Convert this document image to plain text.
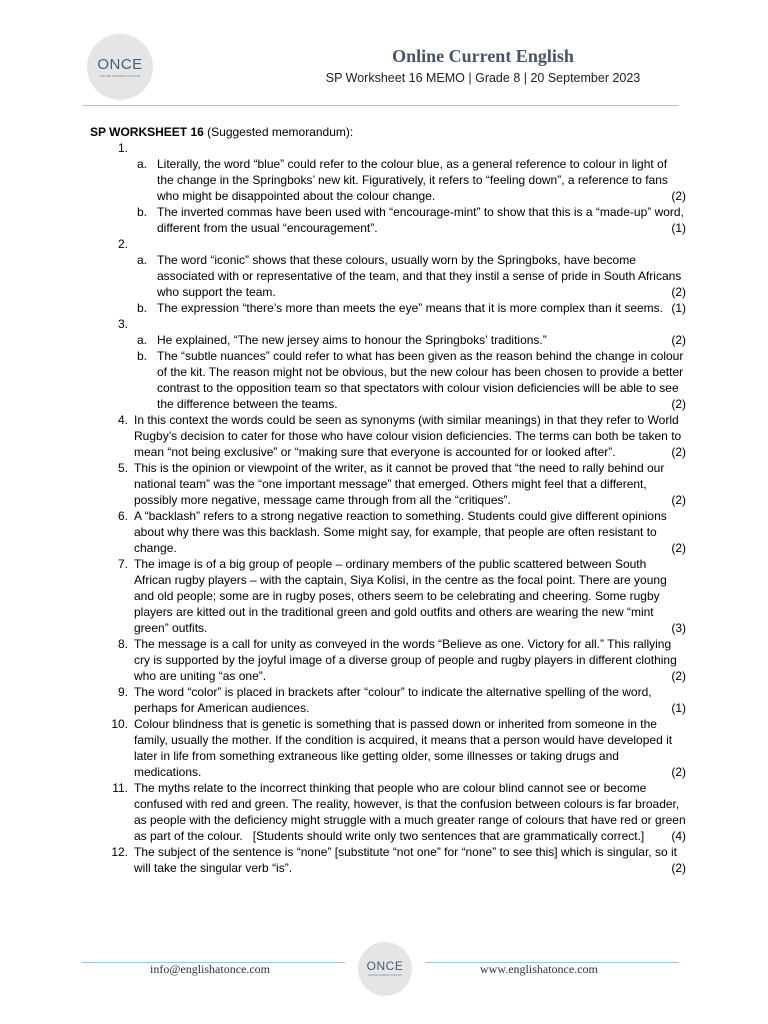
ONCE
ONLINE CURRENT ENGLISH
Online Current English
SP Worksheet 16 MEMO | Grade 8 | 20 September 2023
SP WORKSHEET 16 (Suggested memorandum):
1.
a. Literally, the word “blue” could refer to the colour blue, as a general reference to colour in light of the change in the Springboks’ new kit. Figuratively, it refers to “feeling down”, a reference to fans who might be disappointed about the colour change.	(2)
b. The inverted commas have been used with “encourage-mint” to show that this is a “made-up” word, different from the usual “encouragement”.	(1)
2.
a. The word “iconic” shows that these colours, usually worn by the Springboks, have become associated with or representative of the team, and that they instil a sense of pride in South Africans who support the team.	(2)
b. The expression “there’s more than meets the eye” means that it is more complex than it seems. (1)
3.
a. He explained, “The new jersey aims to honour the Springboks’ traditions.”	(2)
b. The “subtle nuances” could refer to what has been given as the reason behind the change in colour of the kit. The reason might not be obvious, but the new colour has been chosen to provide a better contrast to the opposition team so that spectators with colour vision deficiencies will be able to see the difference between the teams.	(2)
4. In this context the words could be seen as synonyms (with similar meanings) in that they refer to World Rugby’s decision to cater for those who have colour vision deficiencies. The terms can both be taken to mean “not being exclusive” or “making sure that everyone is accounted for or looked after”.	(2)
5. This is the opinion or viewpoint of the writer, as it cannot be proved that “the need to rally behind our national team” was the “one important message” that emerged. Others might feel that a different, possibly more negative, message came through from all the “critiques”.	(2)
6. A “backlash” refers to a strong negative reaction to something. Students could give different opinions about why there was this backlash. Some might say, for example, that people are often resistant to change.	(2)
7. The image is of a big group of people – ordinary members of the public scattered between South African rugby players – with the captain, Siya Kolisi, in the centre as the focal point. There are young and old people; some are in rugby poses, others seem to be celebrating and cheering. Some rugby players are kitted out in the traditional green and gold outfits and others are wearing the new “mint green” outfits.	(3)
8. The message is a call for unity as conveyed in the words “Believe as one. Victory for all.” This rallying cry is supported by the joyful image of a diverse group of people and rugby players in different clothing who are uniting “as one”.	(2)
9. The word “color” is placed in brackets after “colour” to indicate the alternative spelling of the word, perhaps for American audiences.	(1)
10. Colour blindness that is genetic is something that is passed down or inherited from someone in the family, usually the mother. If the condition is acquired, it means that a person would have developed it later in life from something extraneous like getting older, some illnesses or taking drugs and medications.	(2)
11. The myths relate to the incorrect thinking that people who are colour blind cannot see or become confused with red and green. The reality, however, is that the confusion between colours is far broader, as people with the deficiency might struggle with a much greater range of colours that have red or green as part of the colour.   [Students should write only two sentences that are grammatically correct.] (4)
12. The subject of the sentence is “none” [substitute “not one” for “none” to see this] which is singular, so it will take the singular verb “is”.	(2)
info@englishatonce.com	ONCE
ONLINE CURRENT ENGLISH	www.englishatonce.com
